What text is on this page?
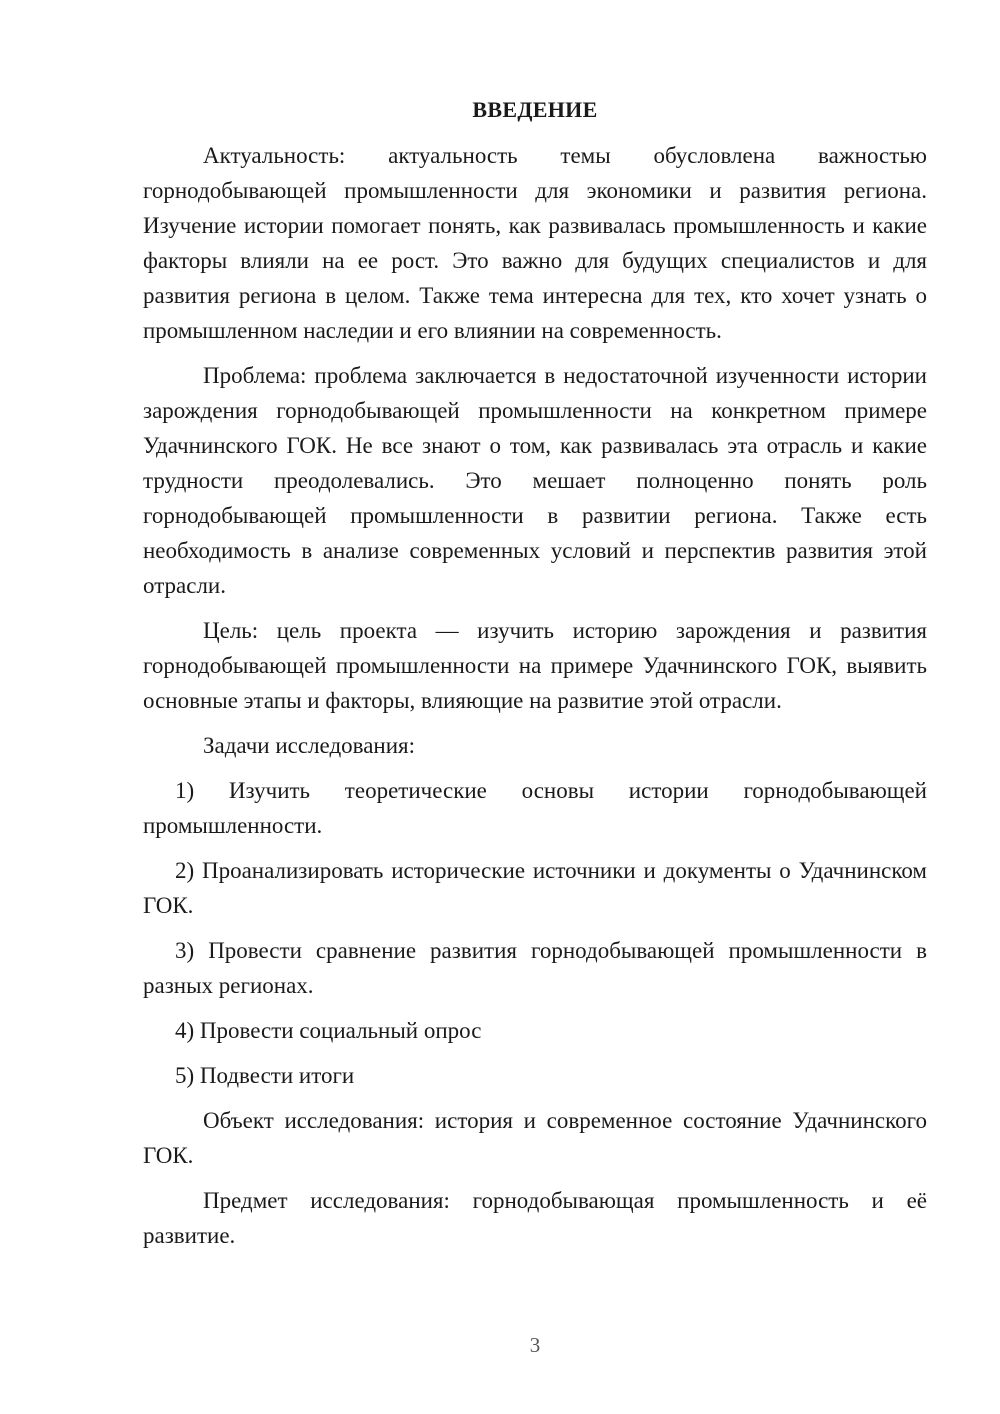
ВВЕДЕНИЕ

Актуальность: актуальность темы обусловлена важностью горнодобывающей промышленности для экономики и развития региона. Изучение истории помогает понять, как развивалась промышленность и какие факторы влияли на ее рост. Это важно для будущих специалистов и для развития региона в целом. Также тема интересна для тех, кто хочет узнать о промышленном наследии и его влиянии на современность.

Проблема: проблема заключается в недостаточной изученности истории зарождения горнодобывающей промышленности на конкретном примере Удачнинского ГОК. Не все знают о том, как развивалась эта отрасль и какие трудности преодолевались. Это мешает полноценно понять роль горнодобывающей промышленности в развитии региона. Также есть необходимость в анализе современных условий и перспектив развития этой отрасли.

Цель: цель проекта — изучить историю зарождения и развития горнодобывающей промышленности на примере Удачнинского ГОК, выявить основные этапы и факторы, влияющие на развитие этой отрасли.

Задачи исследования:

1) Изучить теоретические основы истории горнодобывающей промышленности.

2) Проанализировать исторические источники и документы о Удачнинском ГОК.

3) Провести сравнение развития горнодобывающей промышленности в разных регионах.

4) Провести социальный опрос

5) Подвести итоги

Объект исследования: история и современное состояние Удачнинского ГОК.

Предмет исследования: горнодобывающая промышленность и её развитие.

3
